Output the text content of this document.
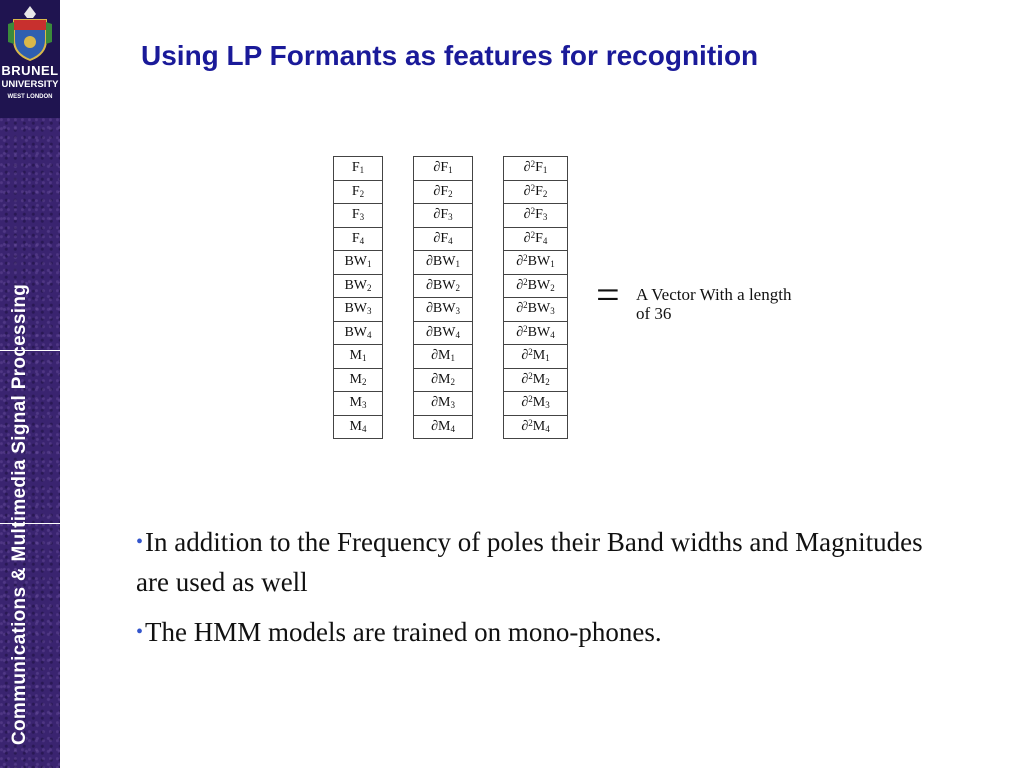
BRUNEL
UNIVERSITY
WEST LONDON
Communications & Multimedia Signal Processing
Using LP Formants as features for recognition
$F_1$
$F_2$
$F_3$
$F_4$
$BW_1$
$BW_2$
$BW_3$
$BW_4$
$M_1$
$M_2$
$M_3$
$M_4$
$\partial F_1$
$\partial F_2$
$\partial F_3$
$\partial F_4$
$\partial BW_1$
$\partial BW_2$
$\partial BW_3$
$\partial BW_4$
$\partial M_1$
$\partial M_2$
$\partial M_3$
$\partial M_4$
$\partial^2F_1$
$\partial^2F_2$
$\partial^2F_3$
$\partial^2F_4$
$\partial^2BW_1$
$\partial^2BW_2$
$\partial^2BW_3$
$\partial^2BW_4$
$\partial^2M_1$
$\partial^2M_2$
$\partial^2M_3$
$\partial^2M_4$
= A Vector With a length of 36
•In addition to the Frequency of poles their Band widths and Magnitudes are used as well
•The HMM models are trained on mono-phones.
